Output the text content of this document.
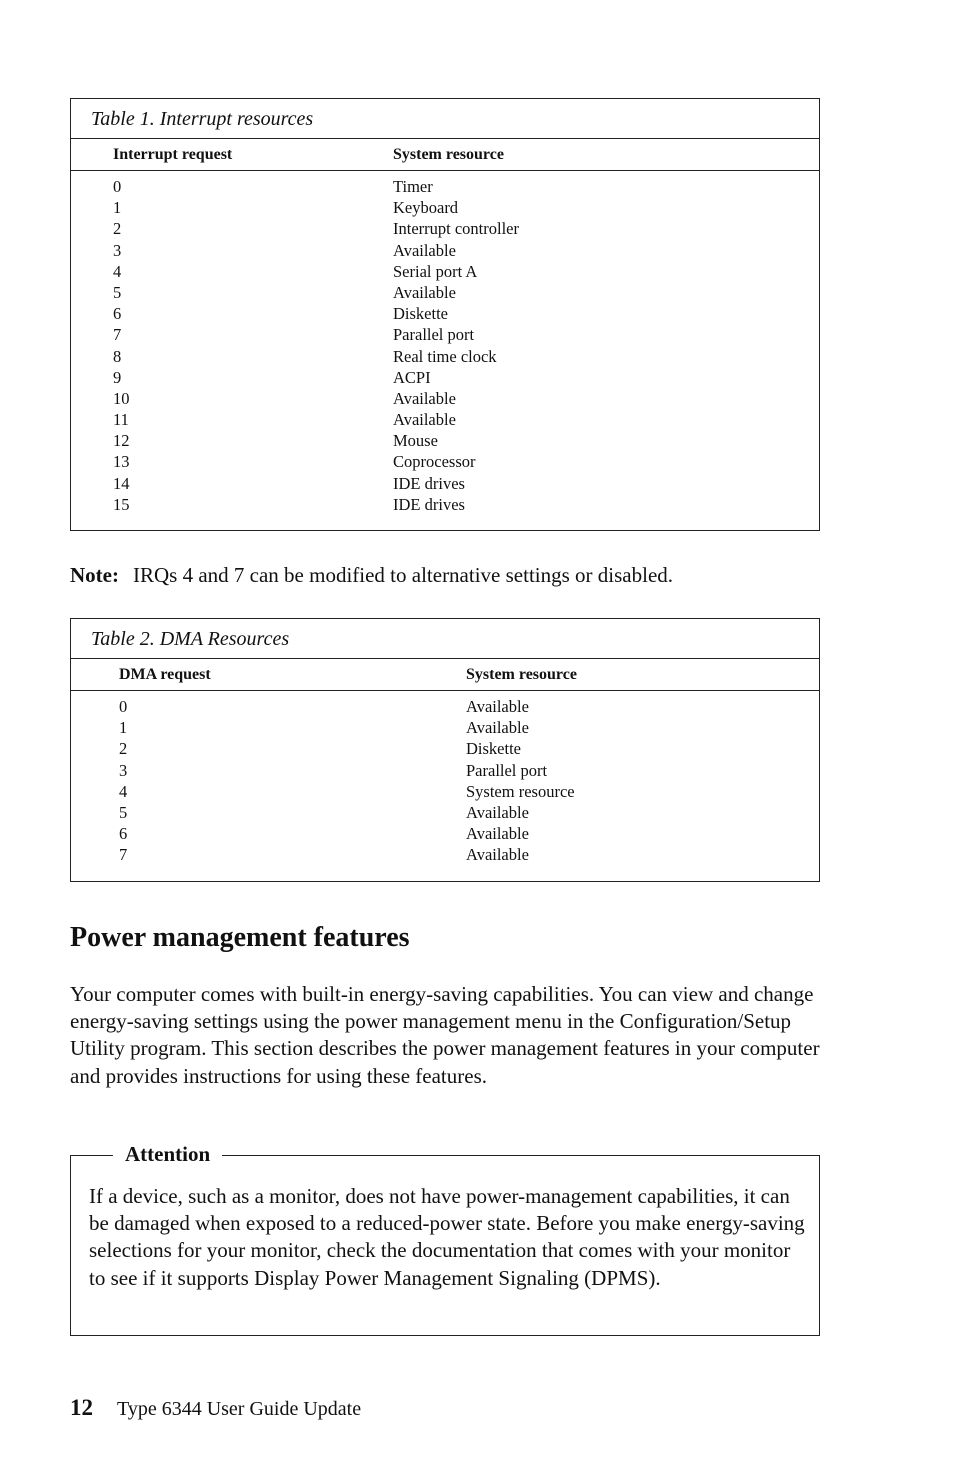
Table 1. Interrupt resources
Interrupt request	System resource
0	Timer
1	Keyboard
2	Interrupt controller
3	Available
4	Serial port A
5	Available
6	Diskette
7	Parallel port
8	Real time clock
9	ACPI
10	Available
11	Available
12	Mouse
13	Coprocessor
14	IDE drives
15	IDE drives
Note: IRQs 4 and 7 can be modified to alternative settings or disabled.
Table 2. DMA Resources
DMA request	System resource
0	Available
1	Available
2	Diskette
3	Parallel port
4	System resource
5	Available
6	Available
7	Available
Power management features

Your computer comes with built-in energy-saving capabilities. You can view and change energy-saving settings using the power management menu in the Configuration/Setup Utility program. This section describes the power management features in your computer and provides instructions for using these features.

Attention

If a device, such as a monitor, does not have power-management capabilities, it can be damaged when exposed to a reduced-power state. Before you make energy-saving selections for your monitor, check the documentation that comes with your monitor to see if it supports Display Power Management Signaling (DPMS).

12 Type 6344 User Guide Update
